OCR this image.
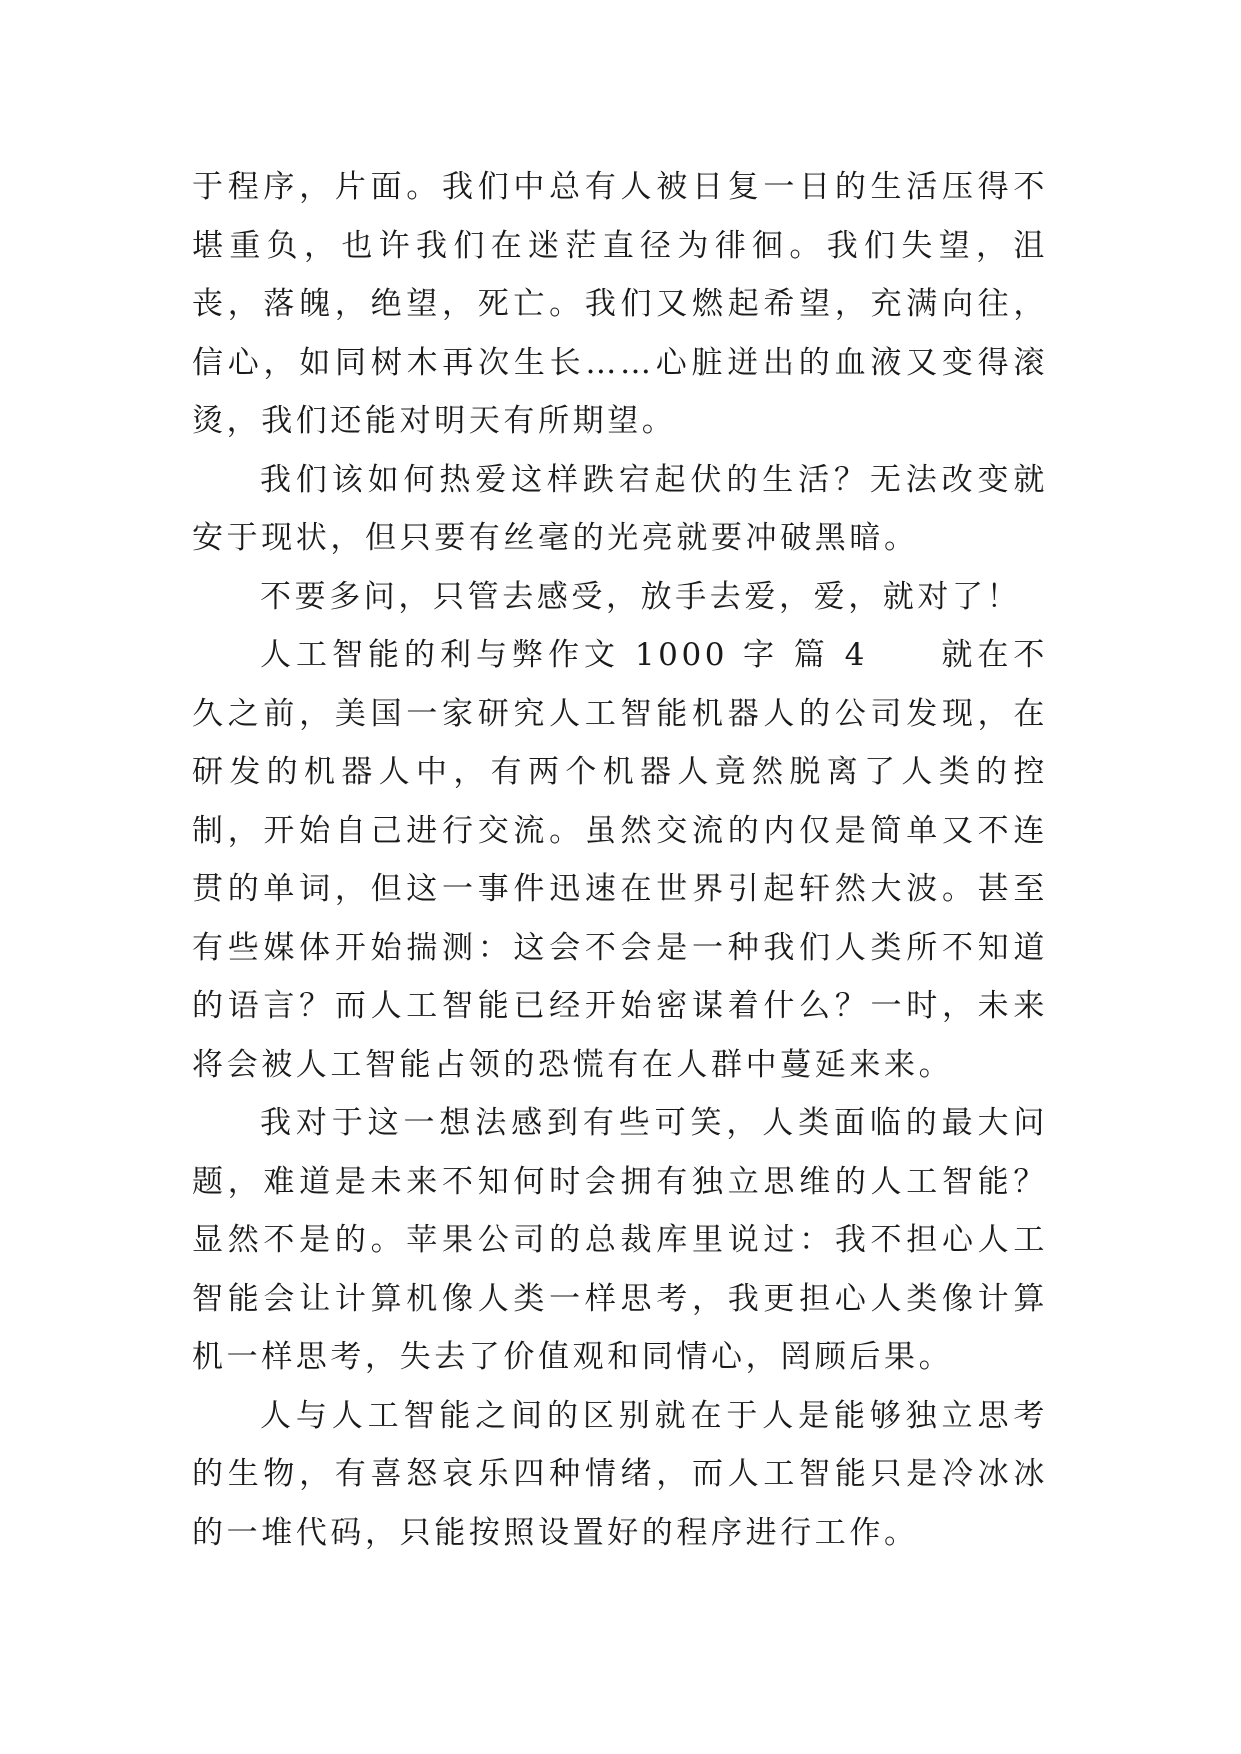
于程序，片面。我们中总有人被日复一日的生活压得不堪重负，也许我们在迷茫直径为徘徊。我们失望，沮丧，落魄，绝望，死亡。我们又燃起希望，充满向往，信心，如同树木再次生长……心脏迸出的血液又变得滚烫，我们还能对明天有所期望。

我们该如何热爱这样跌宕起伏的生活？无法改变就安于现状，但只要有丝毫的光亮就要冲破黑暗。

不要多问，只管去感受，放手去爱，爱，就对了！

人工智能的利与弊作文 1000 字 篇 4　　就在不久之前，美国一家研究人工智能机器人的公司发现，在研发的机器人中，有两个机器人竟然脱离了人类的控制，开始自己进行交流。虽然交流的内仅是简单又不连贯的单词，但这一事件迅速在世界引起轩然大波。甚至有些媒体开始揣测：这会不会是一种我们人类所不知道的语言？而人工智能已经开始密谋着什么？一时，未来将会被人工智能占领的恐慌有在人群中蔓延来来。

我对于这一想法感到有些可笑，人类面临的最大问题，难道是未来不知何时会拥有独立思维的人工智能？显然不是的。苹果公司的总裁库里说过：我不担心人工智能会让计算机像人类一样思考，我更担心人类像计算机一样思考，失去了价值观和同情心，罔顾后果。

人与人工智能之间的区别就在于人是能够独立思考的生物，有喜怒哀乐四种情绪，而人工智能只是冷冰冰的一堆代码，只能按照设置好的程序进行工作。
